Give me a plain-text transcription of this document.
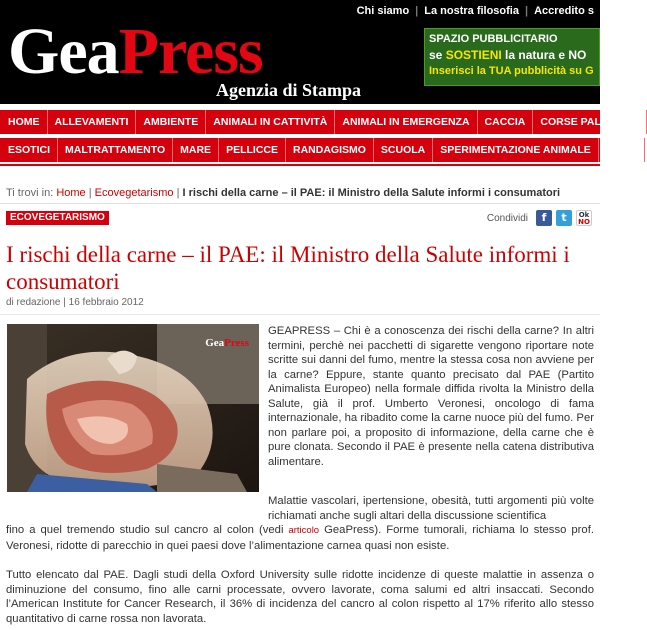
Chi siamo | La nostra filosofia | Accredito s
GeaPress
Agenzia di Stampa
SPAZIO PUBBLICITARIO
se SOSTIENI la natura e NO
Inserisci la TUA pubblicità su G
HOME	ALLEVAMENTI	AMBIENTE	ANIMALI IN CATTIVITÀ	ANIMALI IN EMERGENZA	CACCIA	CORSE PALII E GIO
ESOTICI	MALTRATTAMENTO	MARE	PELLICCE	RANDAGISMO	SCUOLA	SPERIMENTAZIONE ANIMALE	ZOOM
Ti trovi in: Home | Ecovegetarismo | I rischi della carne – il PAE: il Ministro della Salute informi i consumatori
ECOVEGETARISMO	Condividi	f	t	Ok
NO
I rischi della carne – il PAE: il Ministro della Salute informi i consumatori
di redazione | 16 febbraio 2012
GeaPress
GEAPRESS – Chi è a conoscenza dei rischi della carne? In altri termini, perchè nei pacchetti di sigarette vengono riportare note scritte sui danni del fumo, mentre la stessa cosa non avviene per la carne? Eppure, stante quanto precisato dal PAE (Partito Animalista Europeo) nella formale diffida rivolta la Ministro della Salute, già il prof. Umberto Veronesi, oncologo di fama internazionale, ha ribadito come la carne nuoce più del fumo. Per non parlare poi, a proposito di informazione, della carne che è pure clonata. Secondo il PAE è presente nella catena distributiva alimentare.
Malattie vascolari, ipertensione, obesità, tutti argomenti più volte richiamati anche sugli altari della discussione scientifica
fino a quel tremendo studio sul cancro al colon (vedi articolo GeaPress). Forme tumorali, richiama lo stesso prof. Veronesi, ridotte di parecchio in quei paesi dove l’alimentazione carnea quasi non esiste.
Tutto elencato dal PAE. Dagli studi della Oxford University sulle ridotte incidenze di queste malattie in assenza o diminuzione del consumo, fino alle carni processate, ovvero lavorate, coma salumi ed altri insaccati. Secondo l’American Institute for Cancer Research, il 36% di incidenza del cancro al colon rispetto al 17% riferito allo stesso quantitativo di carne rossa non lavorata.
